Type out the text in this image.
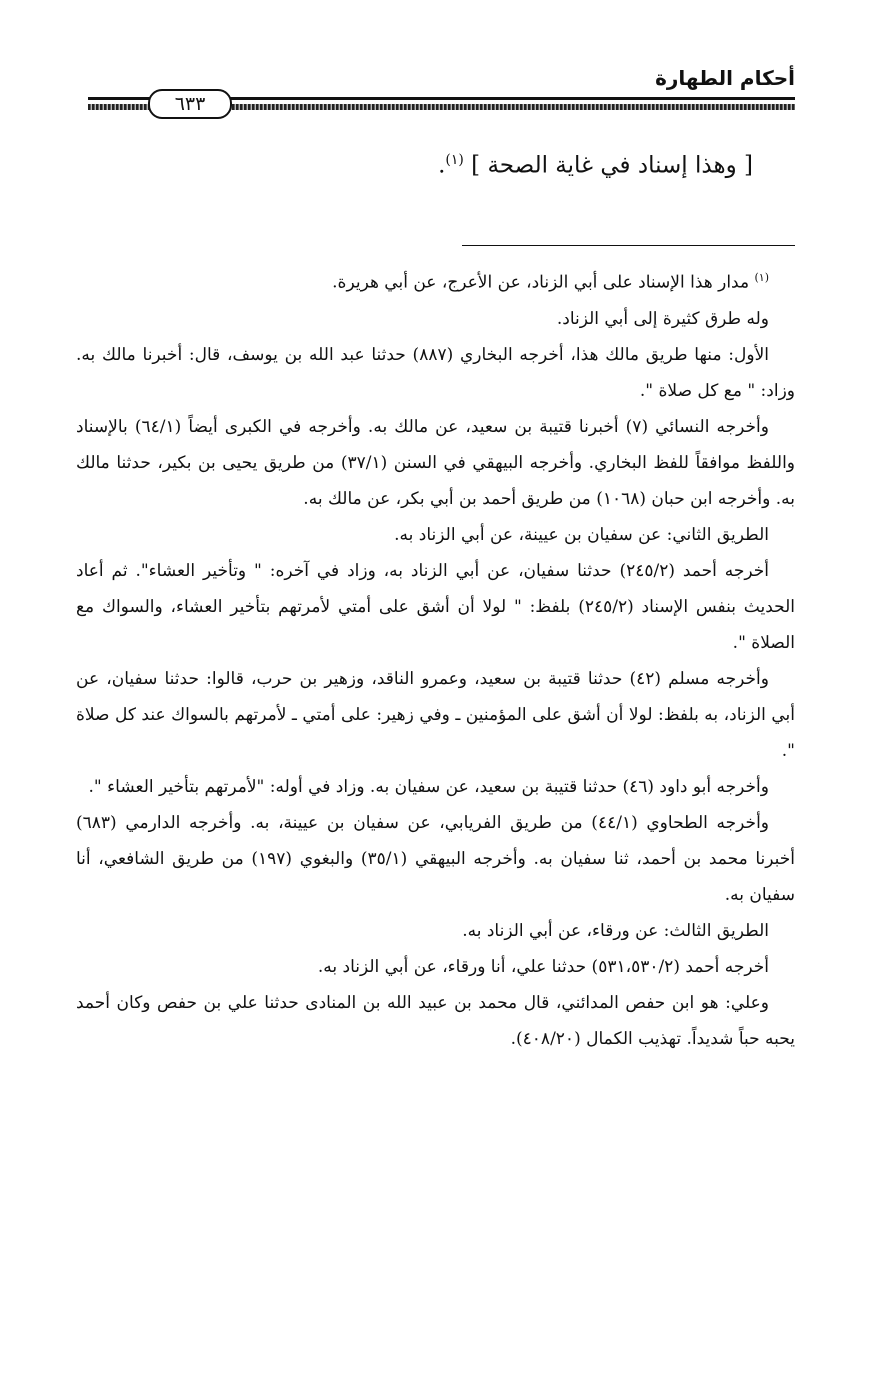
أحكام الطهارة
٦٣٣
[ وهذا إسناد في غاية الصحة ] $^{(١)}$.

$^{(١)}$ مدار هذا الإسناد على أبي الزناد، عن الأعرج، عن أبي هريرة.

وله طرق كثيرة إلى أبي الزناد.

الأول: منها طريق مالك هذا، أخرجه البخاري (٨٨٧) حدثنا عبد الله بن يوسف، قال: أخبرنا مالك به. وزاد: " مع كل صلاة ".

وأخرجه النسائي (٧) أخبرنا قتيبة بن سعيد، عن مالك به. وأخرجه في الكبرى أيضاً (٦٤/١) بالإسناد واللفظ موافقاً للفظ البخاري. وأخرجه البيهقي في السنن (٣٧/١) من طريق يحيى بن بكير، حدثنا مالك به. وأخرجه ابن حبان (١٠٦٨) من طريق أحمد بن أبي بكر، عن مالك به.

الطريق الثاني: عن سفيان بن عيينة، عن أبي الزناد به.

أخرجه أحمد (٢٤٥/٢) حدثنا سفيان، عن أبي الزناد به، وزاد في آخره: " وتأخير العشاء". ثم أعاد الحديث بنفس الإسناد (٢٤٥/٢) بلفظ: " لولا أن أشق على أمتي لأمرتهم بتأخير العشاء، والسواك مع الصلاة ".

وأخرجه مسلم (٤٢) حدثنا قتيبة بن سعيد، وعمرو الناقد، وزهير بن حرب، قالوا: حدثنا سفيان، عن أبي الزناد، به بلفظ: لولا أن أشق على المؤمنين ـ وفي زهير: على أمتي ـ لأمرتهم بالسواك عند كل صلاة ".

وأخرجه أبو داود (٤٦) حدثنا قتيبة بن سعيد، عن سفيان به. وزاد في أوله: "لأمرتهم بتأخير العشاء ".

وأخرجه الطحاوي (٤٤/١) من طريق الفريابي، عن سفيان بن عيينة، به. وأخرجه الدارمي (٦٨٣) أخبرنا محمد بن أحمد، ثنا سفيان به. وأخرجه البيهقي (٣٥/١) والبغوي (١٩٧) من طريق الشافعي، أنا سفيان به.

الطريق الثالث: عن ورقاء، عن أبي الزناد به.

أخرجه أحمد (٥٣١،٥٣٠/٢) حدثنا علي، أنا ورقاء، عن أبي الزناد به.

وعلي: هو ابن حفص المدائني، قال محمد بن عبيد الله بن المنادى حدثنا علي بن حفص وكان أحمد يحبه حباً شديداً. تهذيب الكمال (٤٠٨/٢٠).
